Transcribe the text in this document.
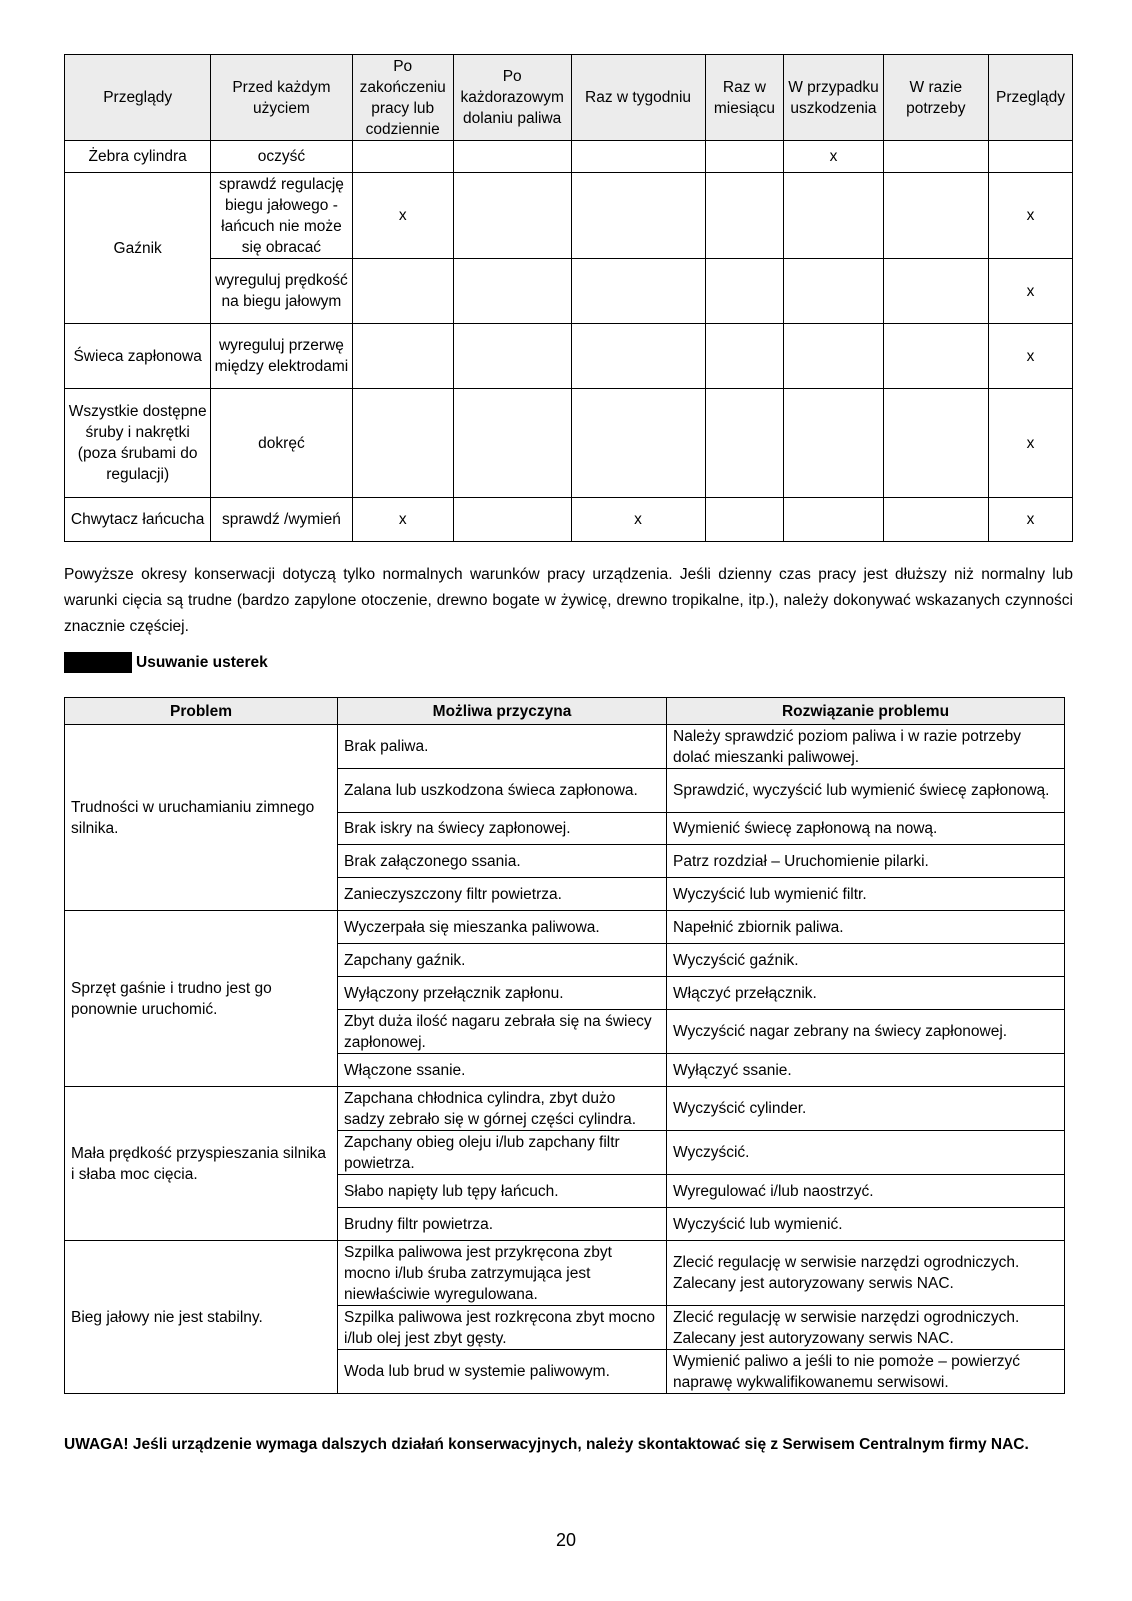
Przeglądy	Przed każdym użyciem	Po zakończeniu pracy lub codziennie	Po każdorazowym dolaniu paliwa	Raz w tygodniu	Raz w miesiącu	W przypadku uszkodzenia	W razie potrzeby	Przeglądy
Żebra cylindra	oczyść					x		
Gaźnik	sprawdź regulację biegu jałowego - łańcuch nie może się obracać	x						x
	wyreguluj prędkość na biegu jałowym							x
Świeca zapłonowa	wyreguluj przerwę między elektrodami							x
Wszystkie dostępne śruby i nakrętki (poza śrubami do regulacji)	dokręć							x
Chwytacz łańcucha	sprawdź /wymień	x		x				x
Powyższe okresy konserwacji dotyczą tylko normalnych warunków pracy urządzenia. Jeśli dzienny czas pracy jest dłuższy niż normalny lub warunki cięcia są trudne (bardzo zapylone otoczenie, drewno bogate w żywicę, drewno tropikalne, itp.), należy dokonywać wskazanych czynności znacznie częściej.
Usuwanie usterek
Problem	Możliwa przyczyna	Rozwiązanie problemu
Trudności w uruchamianiu zimnego silnika.	Brak paliwa.	Należy sprawdzić poziom paliwa i w razie potrzeby dolać mieszanki paliwowej.
	Zalana lub uszkodzona świeca zapłonowa.	Sprawdzić, wyczyścić lub wymienić świecę zapłonową.
	Brak iskry na świecy zapłonowej.	Wymienić świecę zapłonową na nową.
	Brak załączonego ssania.	Patrz rozdział – Uruchomienie pilarki.
	Zanieczyszczony filtr powietrza.	Wyczyścić lub wymienić filtr.
Sprzęt gaśnie i trudno jest go ponownie uruchomić.	Wyczerpała się mieszanka paliwowa.	Napełnić zbiornik paliwa.
	Zapchany gaźnik.	Wyczyścić gaźnik.
	Wyłączony przełącznik zapłonu.	Włączyć przełącznik.
	Zbyt duża ilość nagaru zebrała się na świecy zapłonowej.	Wyczyścić nagar zebrany na świecy zapłonowej.
	Włączone ssanie.	Wyłączyć ssanie.
Mała prędkość przyspieszania silnika i słaba moc cięcia.	Zapchana chłodnica cylindra, zbyt dużo sadzy zebrało się w górnej części cylindra.	Wyczyścić cylinder.
	Zapchany obieg oleju i/lub zapchany filtr powietrza.	Wyczyścić.
	Słabo napięty lub tępy łańcuch.	Wyregulować i/lub naostrzyć.
	Brudny filtr powietrza.	Wyczyścić lub wymienić.
Bieg jałowy nie jest stabilny.	Szpilka paliwowa jest przykręcona zbyt mocno i/lub śruba zatrzymująca jest niewłaściwie wyregulowana.	Zlecić regulację w serwisie narzędzi ogrodniczych. Zalecany jest autoryzowany serwis NAC.
	Szpilka paliwowa jest rozkręcona zbyt mocno i/lub olej jest zbyt gęsty.	Zlecić regulację w serwisie narzędzi ogrodniczych. Zalecany jest autoryzowany serwis NAC.
	Woda lub brud w systemie paliwowym.	Wymienić paliwo a jeśli to nie pomoże – powierzyć naprawę wykwalifikowanemu serwisowi.
UWAGA! Jeśli urządzenie wymaga dalszych działań konserwacyjnych, należy skontaktować się z Serwisem Centralnym firmy NAC.
20
